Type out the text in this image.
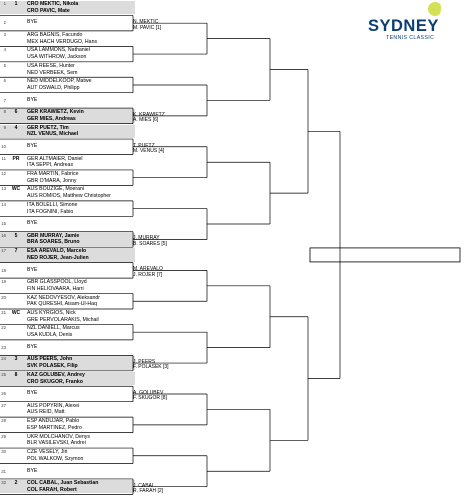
1	1	CRO MEKTIC, Nikola
CRO PAVIC, Mate
2	BYE
3	ARG BAGNIS, Facundo
MEX HACH VERDUGO, Hans
4	USA LAMMONS, Nathaniel
USA WITHROW, Jackson
5	USA REESE, Hunter
NED VERBEEK, Sem
6	NED MIDDELKOOP, Matwe
AUT OSWALD, Philipp
7	BYE
8	6	GER KRAWIETZ, Kevin
GER MIES, Andreas
9	4	GER PUETZ, Tim
NZL VENUS, Michael
10	BYE
11	PR	GER ALTMAIER, Daniel
ITA SEPPI, Andreas
12	FRA MARTIN, Fabrice
GBR O'MARA, Jonny
13	WC	AUS BOUZIGE, Moerani
AUS ROMIOS, Matthew Christopher
14	ITA BOLELLI, Simone
ITA FOGNINI, Fabio
15	BYE
16	5	GBR MURRAY, Jamie
BRA SOARES, Bruno
17	7	ESA AREVALO, Marcelo
NED ROJER, Jean-Julien
18	BYE
19	GBR GLASSPOOL, Lloyd
FIN HELIOVAARA, Harri
20	KAZ NEDOVYESOV, Aleksandr
PAK QURESHI, Aisam-Ul-Haq
21	WC	AUS KYRGIOS, Nick
GRE PERVOLARAKIS, Michail
22	NZL DANIELL, Marcus
USA KUDLA, Denis
23	BYE
24	3	AUS PEERS, John
SVK POLASEK, Filip
25	8	KAZ GOLUBEV, Andrey
CRO SKUGOR, Franko
26	BYE
27	AUS POPYRIN, Alexei
AUS REID, Matt
28	ESP ANDUJAR, Pablo
ESP MARTINEZ, Pedro
29	UKR MOLCHANOV, Denys
BLR VASILEVSKI, Andrei
30	CZE VESELY, Jiri
POL WALKOW, Szymon
31	BYE
32	2	COL CABAL, Juan Sebastian
COL FARAH, Robert
N. MEKTIC
M. PAVIC [1]
K. KRAWIETZ
A. MIES [6]
T. PUETZ
M. VENUS [4]
J. MURRAY
B. SOARES [5]
M. AREVALO
J. ROJER [7]
J. PEERS
F. POLASEK [3]
A. GOLUBEV
F. SKUGOR [8]
J. CABAL
R. FARAH [2]
SYDNEY
TENNIS CLASSIC
